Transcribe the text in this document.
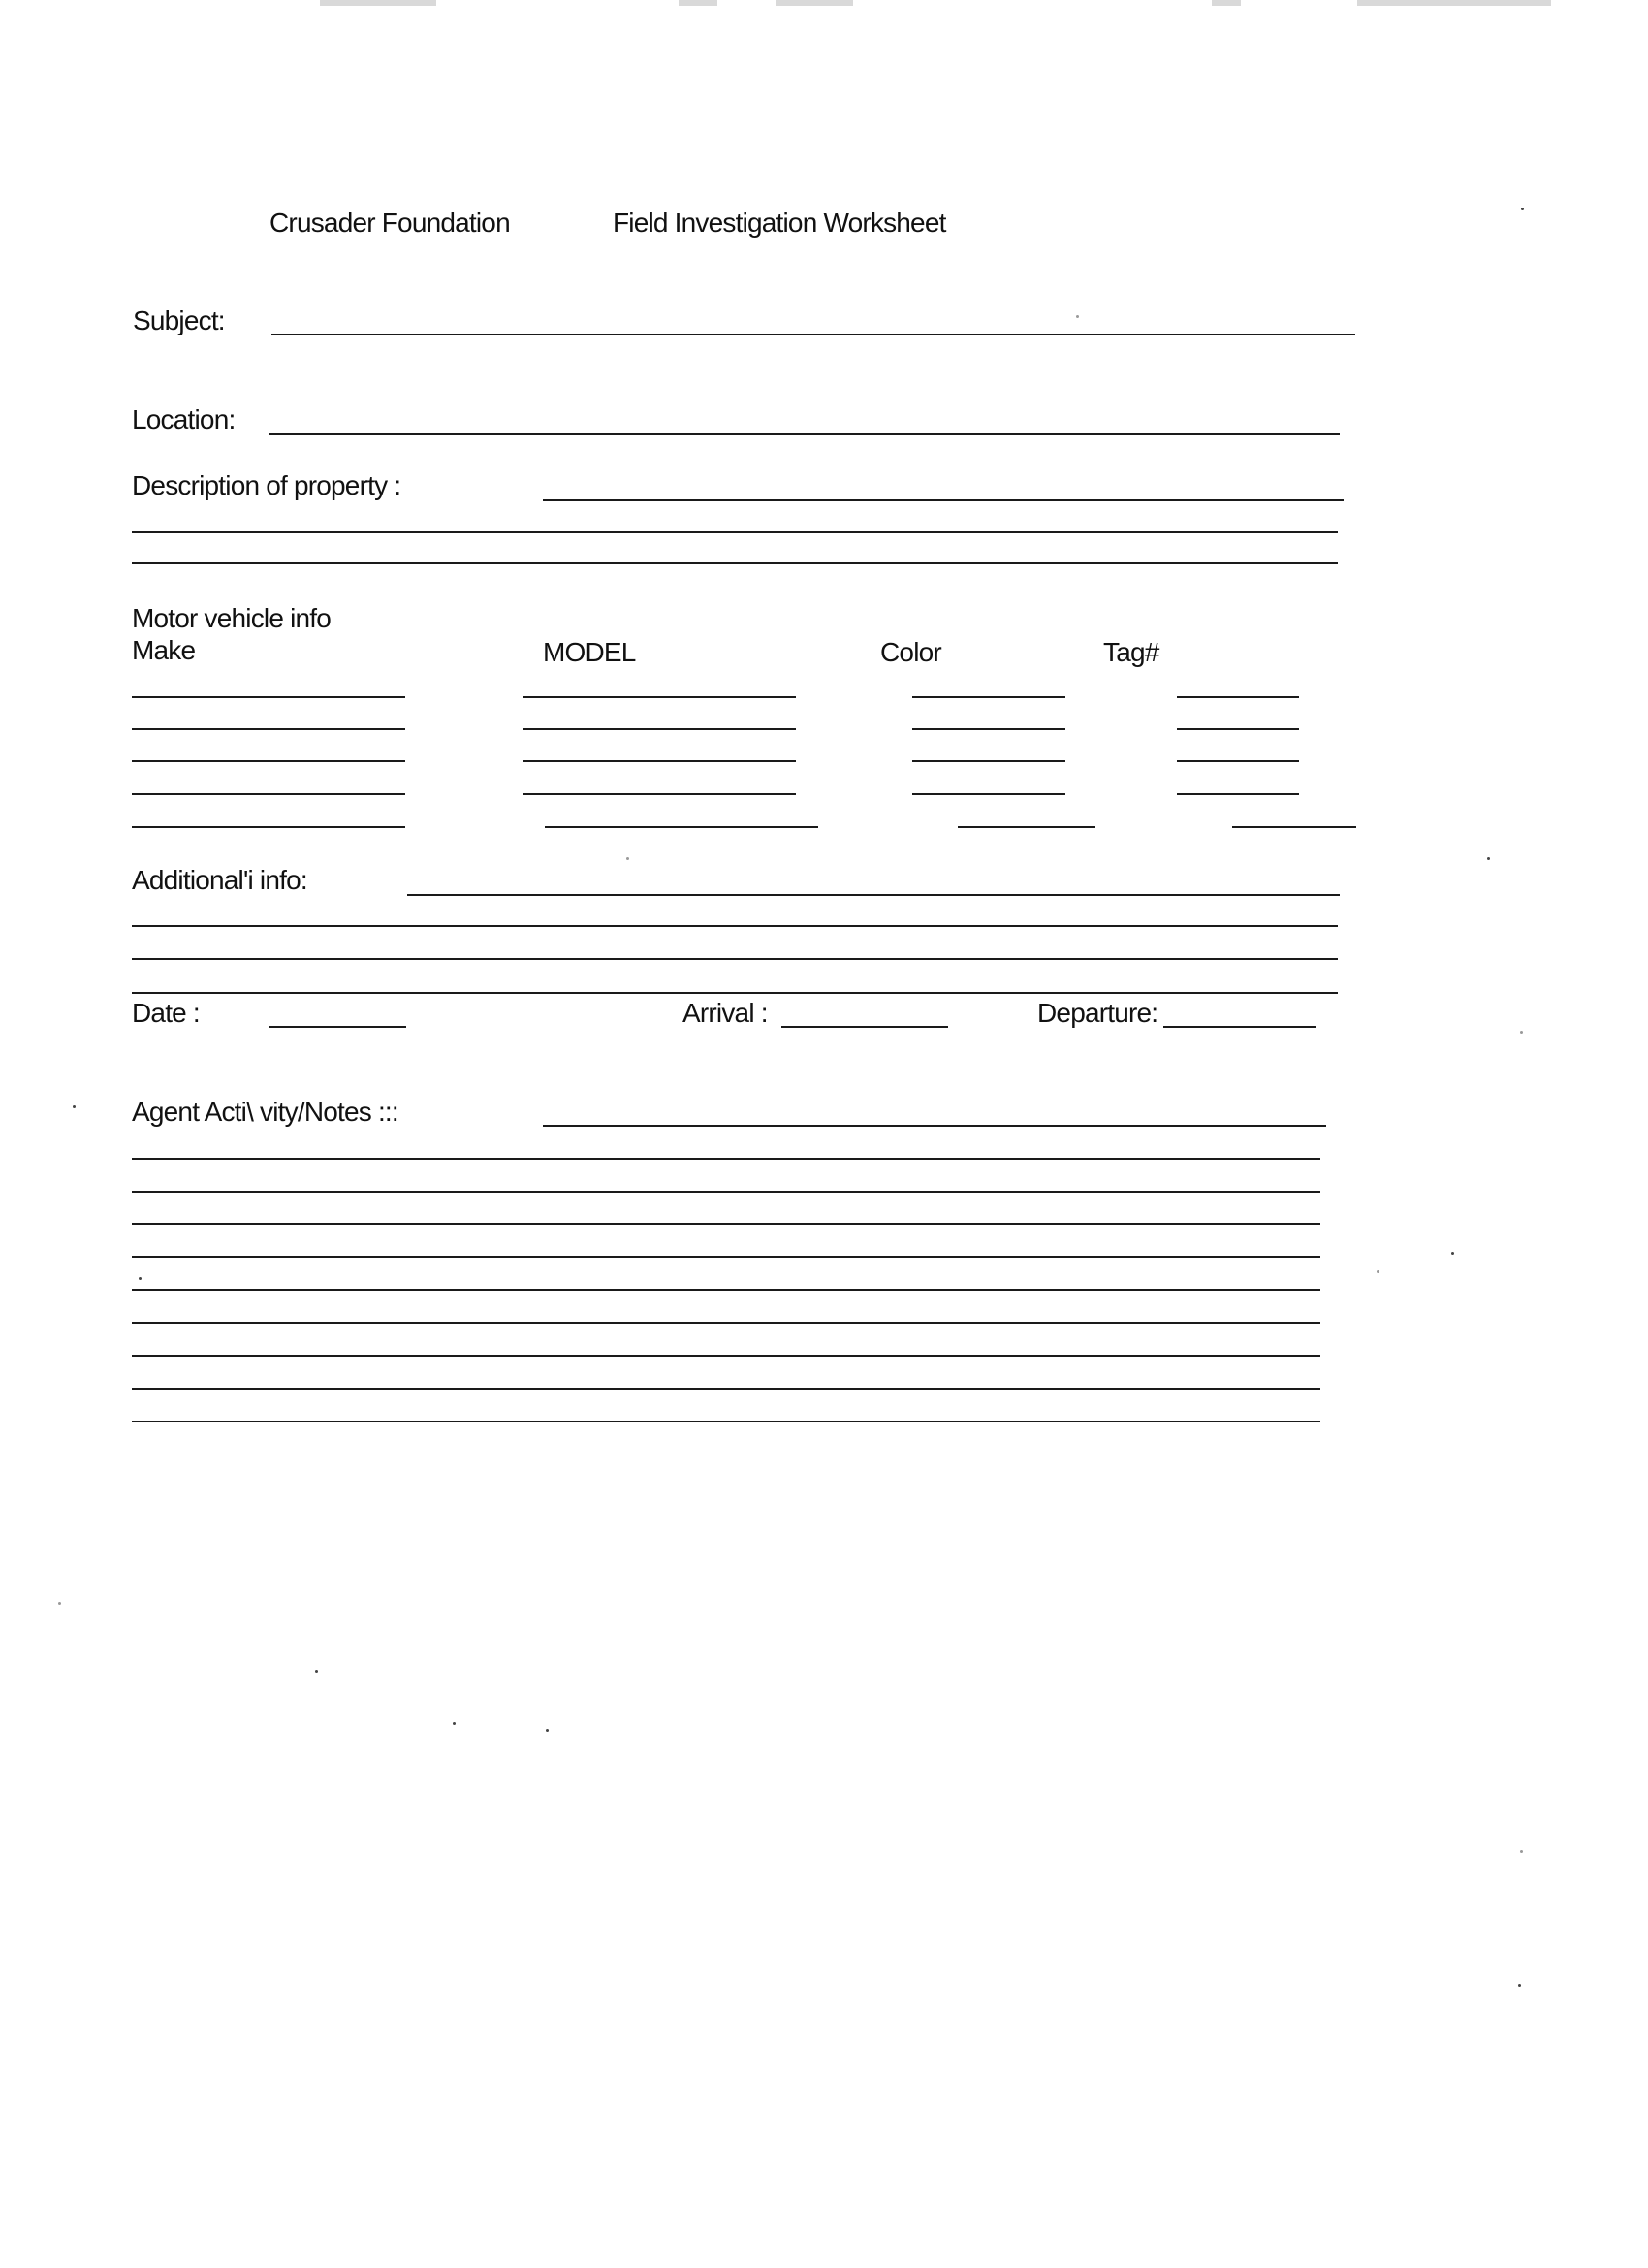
Crusader Foundation	Field Investigation Worksheet
Subject:
Location:
Description of property :
Motor vehicle info
Make	MODEL	Color	Tag#
Additional'i info:
Date :	Arrival :	Departure:
Agent Acti\ vity/Notes :::
